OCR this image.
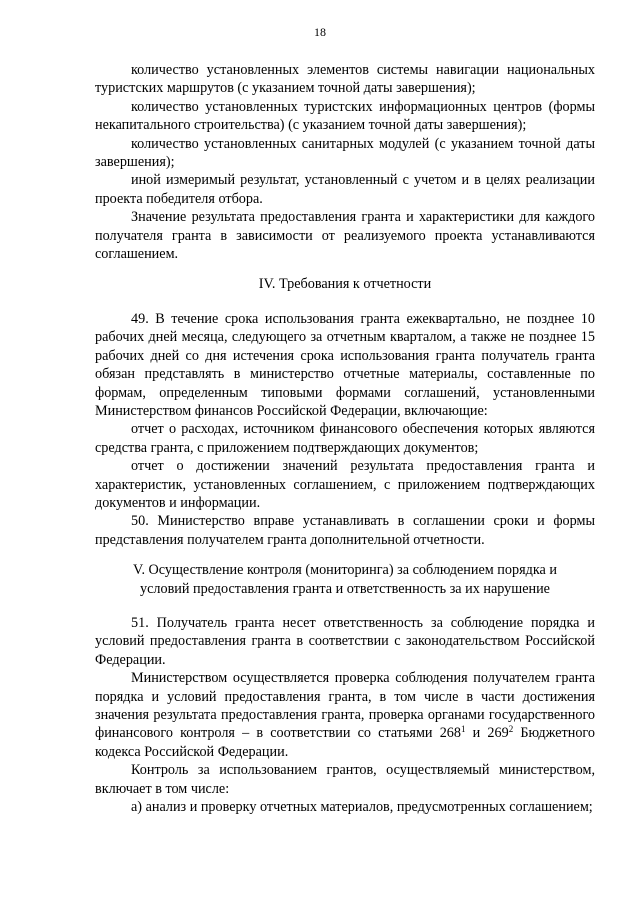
18

количество установленных элементов системы навигации национальных туристских маршрутов (с указанием точной даты завершения);

количество установленных туристских информационных центров (формы некапитального строительства) (с указанием точной даты завершения);

количество установленных санитарных модулей (с указанием точной даты завершения);

иной измеримый результат, установленный с учетом и в целях реализации проекта победителя отбора.

Значение результата предоставления гранта и характеристики для каждого получателя гранта в зависимости от реализуемого проекта устанавливаются соглашением.

IV. Требования к отчетности

49. В течение срока использования гранта ежеквартально, не позднее 10 рабочих дней месяца, следующего за отчетным кварталом, а также не позднее 15 рабочих дней со дня истечения срока использования гранта получатель гранта обязан представлять в министерство отчетные материалы, составленные по формам, определенным типовыми формами соглашений, установленными Министерством финансов Российской Федерации, включающие:

отчет о расходах, источником финансового обеспечения которых являются средства гранта, с приложением подтверждающих документов;

отчет о достижении значений результата предоставления гранта и характеристик, установленных соглашением, с приложением подтверждающих документов и информации.

50. Министерство вправе устанавливать в соглашении сроки и формы представления получателем гранта дополнительной отчетности.

V. Осуществление контроля (мониторинга) за соблюдением порядка и
условий предоставления гранта и ответственность за их нарушение

51. Получатель гранта несет ответственность за соблюдение порядка и условий предоставления гранта в соответствии с законодательством Российской Федерации.

Министерством осуществляется проверка соблюдения получателем гранта порядка и условий предоставления гранта, в том числе в части достижения значения результата предоставления гранта, проверка органами государственного финансового контроля – в соответствии со статьями $268^1$ и $269^2$ Бюджетного кодекса Российской Федерации.

Контроль за использованием грантов, осуществляемый министерством, включает в том числе:

а) анализ и проверку отчетных материалов, предусмотренных соглашением;
